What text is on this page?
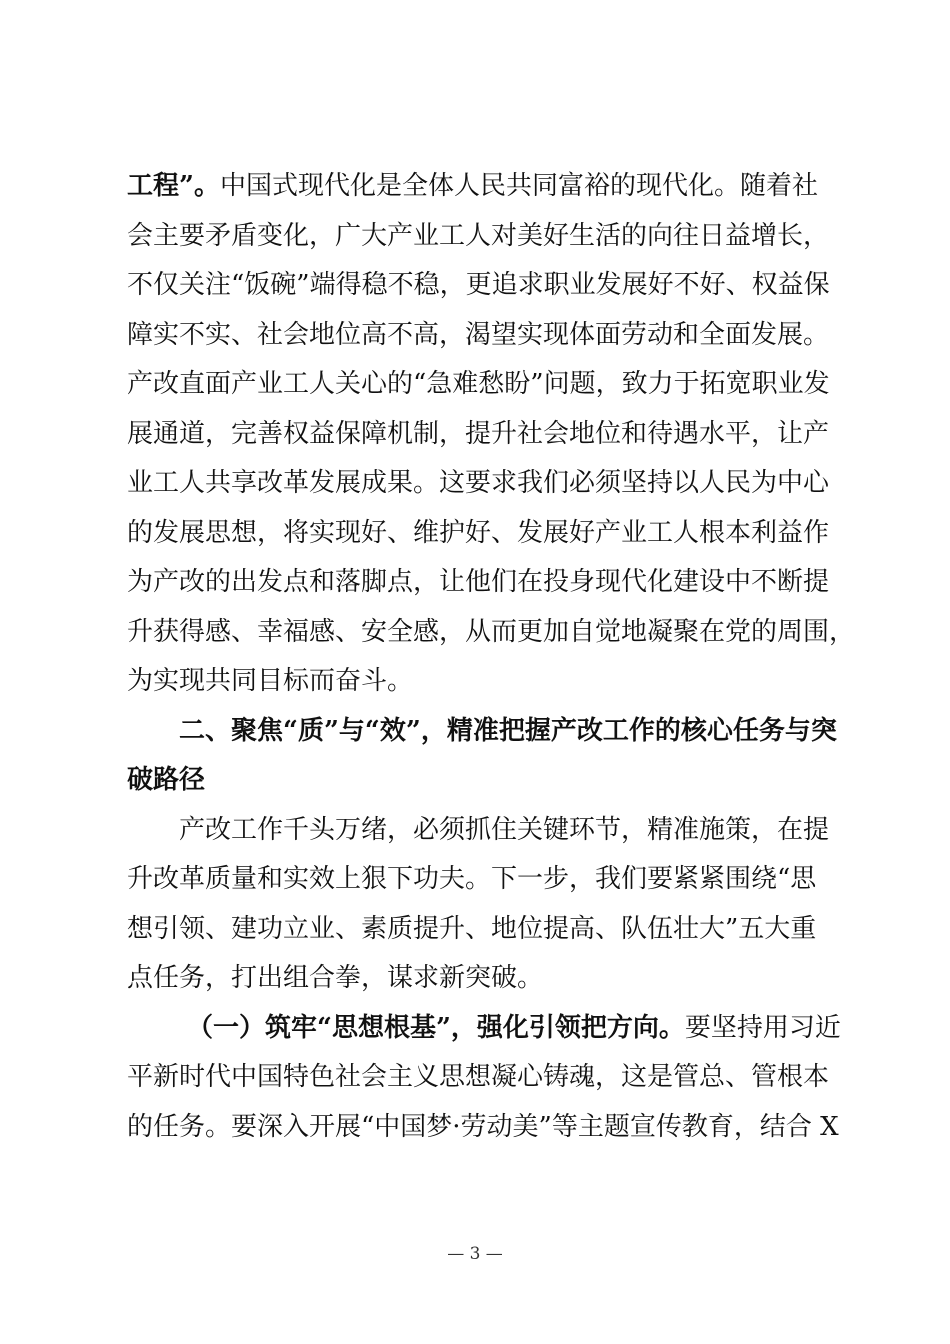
工程”。中国式现代化是全体人民共同富裕的现代化。随着社
会主要矛盾变化，广大产业工人对美好生活的向往日益增长，
不仅关注“饭碗”端得稳不稳，更追求职业发展好不好、权益保
障实不实、社会地位高不高，渴望实现体面劳动和全面发展。
产改直面产业工人关心的“急难愁盼”问题，致力于拓宽职业发
展通道，完善权益保障机制，提升社会地位和待遇水平，让产
业工人共享改革发展成果。这要求我们必须坚持以人民为中心
的发展思想，将实现好、维护好、发展好产业工人根本利益作
为产改的出发点和落脚点，让他们在投身现代化建设中不断提
升获得感、幸福感、安全感，从而更加自觉地凝聚在党的周围，
为实现共同目标而奋斗。
二、聚焦“质”与“效”，精准把握产改工作的核心任务与突
破路径
产改工作千头万绪，必须抓住关键环节，精准施策，在提
升改革质量和实效上狠下功夫。下一步，我们要紧紧围绕“思
想引领、建功立业、素质提升、地位提高、队伍壮大”五大重
点任务，打出组合拳，谋求新突破。
（一）筑牢“思想根基”，强化引领把方向。要坚持用习近
平新时代中国特色社会主义思想凝心铸魂，这是管总、管根本
的任务。要深入开展“中国梦·劳动美”等主题宣传教育，结合 X
— 3 —
